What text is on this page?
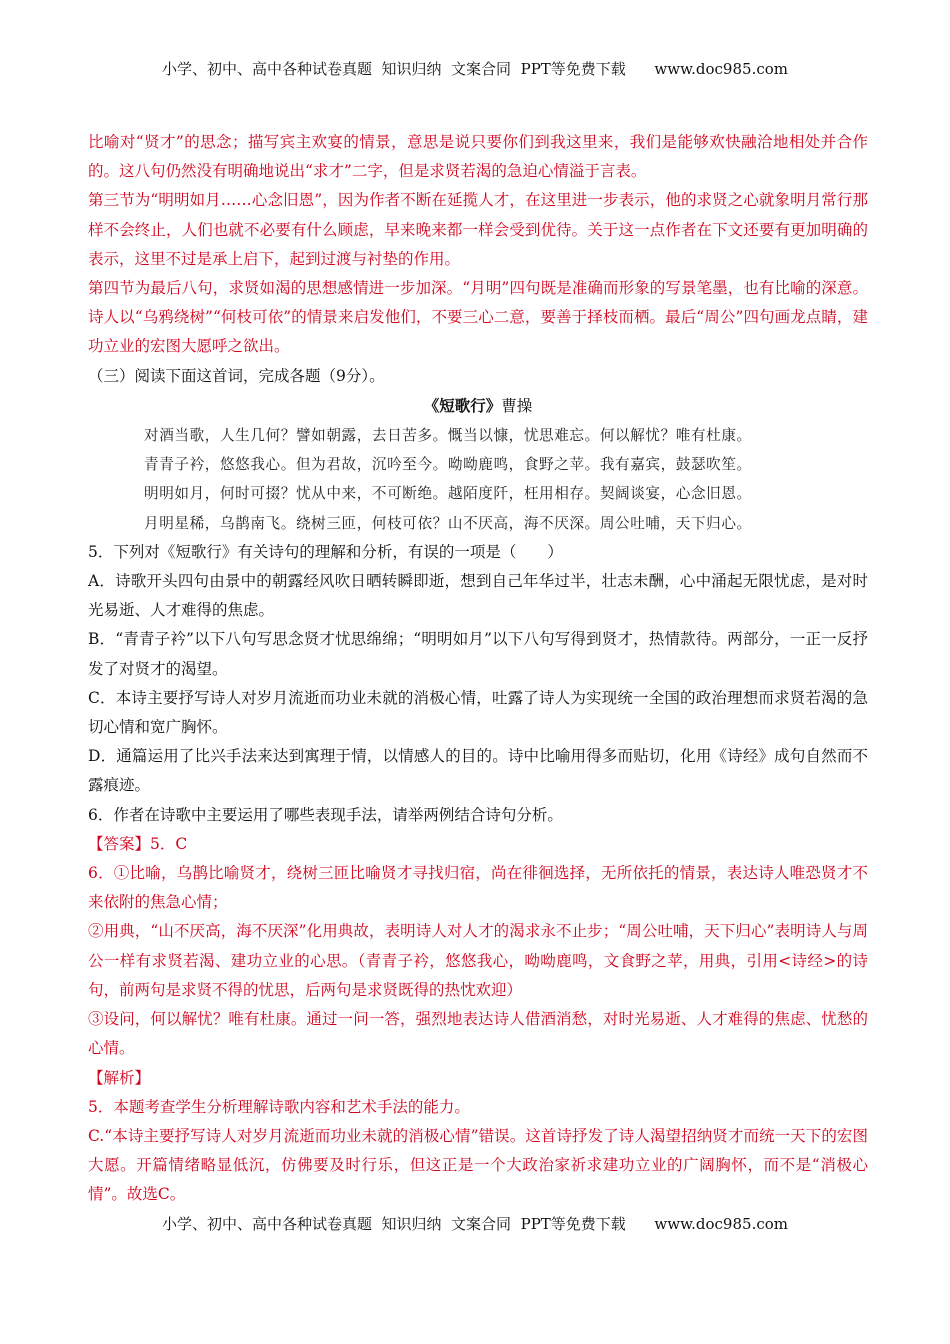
小学、初中、高中各种试卷真题  知识归纳  文案合同  PPT等免费下载      www.doc985.com

比喻对“贤才”的思念；描写宾主欢宴的情景，意思是说只要你们到我这里来，我们是能够欢快融洽地相处并合作的。这八句仍然没有明确地说出“求才”二字，但是求贤若渴的急迫心情溢于言表。

第三节为“明明如月……心念旧恩”，因为作者不断在延揽人才，在这里进一步表示，他的求贤之心就象明月常行那样不会终止，人们也就不必要有什么顾虑，早来晚来都一样会受到优待。关于这一点作者在下文还要有更加明确的表示，这里不过是承上启下，起到过渡与衬垫的作用。

第四节为最后八句，求贤如渴的思想感情进一步加深。“月明”四句既是准确而形象的写景笔墨，也有比喻的深意。诗人以“乌鸦绕树”“何枝可依”的情景来启发他们，不要三心二意，要善于择枝而栖。最后“周公”四句画龙点睛，建功立业的宏图大愿呼之欲出。

（三）阅读下面这首词，完成各题（9分）。

《短歌行》曹操

对酒当歌，人生几何？譬如朝露，去日苦多。慨当以慷，忧思难忘。何以解忧？唯有杜康。

青青子衿，悠悠我心。但为君故，沉吟至今。呦呦鹿鸣，食野之苹。我有嘉宾，鼓瑟吹笙。

明明如月，何时可掇？忧从中来，不可断绝。越陌度阡，枉用相存。契阔谈宴，心念旧恩。

月明星稀，乌鹊南飞。绕树三匝，何枝可依？山不厌高，海不厌深。周公吐哺，天下归心。

5．下列对《短歌行》有关诗句的理解和分析，有误的一项是（　　）

A．诗歌开头四句由景中的朝露经风吹日晒转瞬即逝，想到自己年华过半，壮志未酬，心中涌起无限忧虑，是对时光易逝、人才难得的焦虑。

B．“青青子衿”以下八句写思念贤才忧思绵绵；“明明如月”以下八句写得到贤才，热情款待。两部分，一正一反抒发了对贤才的渴望。

C．本诗主要抒写诗人对岁月流逝而功业未就的消极心情，吐露了诗人为实现统一全国的政治理想而求贤若渴的急切心情和宽广胸怀。

D．通篇运用了比兴手法来达到寓理于情，以情感人的目的。诗中比喻用得多而贴切，化用《诗经》成句自然而不露痕迹。

6．作者在诗歌中主要运用了哪些表现手法，请举两例结合诗句分析。

【答案】5．C

6．①比喻，乌鹊比喻贤才，绕树三匝比喻贤才寻找归宿，尚在徘徊选择，无所依托的情景，表达诗人唯恐贤才不来依附的焦急心情；

②用典，“山不厌高，海不厌深”化用典故，表明诗人对人才的渴求永不止步；“周公吐哺，天下归心”表明诗人与周公一样有求贤若渴、建功立业的心思。（青青子衿，悠悠我心，呦呦鹿鸣，文食野之苹，用典，引用<诗经>的诗句，前两句是求贤不得的忧思，后两句是求贤既得的热忱欢迎）

③设问，何以解忧？唯有杜康。通过一问一答，强烈地表达诗人借酒消愁，对时光易逝、人才难得的焦虑、忧愁的心情。

【解析】

5．本题考查学生分析理解诗歌内容和艺术手法的能力。

C.“本诗主要抒写诗人对岁月流逝而功业未就的消极心情”错误。这首诗抒发了诗人渴望招纳贤才而统一天下的宏图大愿。开篇情绪略显低沉，仿佛要及时行乐，但这正是一个大政治家祈求建功立业的广阔胸怀，而不是“消极心情”。故选C。

小学、初中、高中各种试卷真题  知识归纳  文案合同  PPT等免费下载      www.doc985.com
